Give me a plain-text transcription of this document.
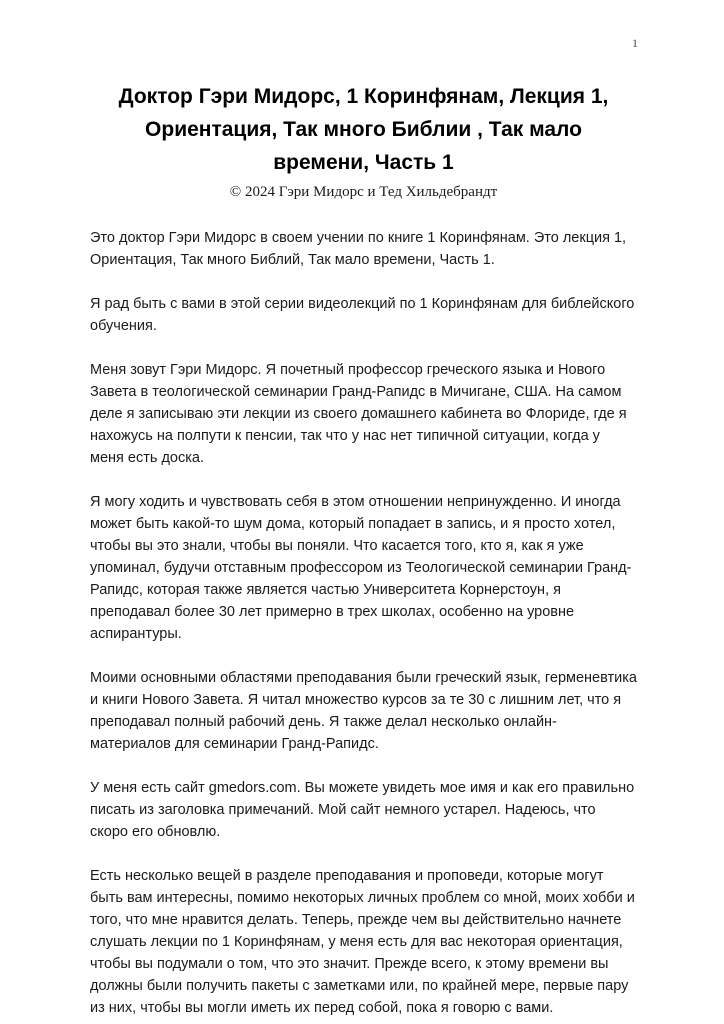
1
Доктор Гэри Мидорс, 1 Коринфянам, Лекция 1,
Ориентация, Так много Библии , Так мало
времени, Часть 1
© 2024 Гэри Мидорс и Тед Хильдебрандт

Это доктор Гэри Мидорс в своем учении по книге 1 Коринфянам. Это лекция 1, Ориентация, Так много Библий, Так мало времени, Часть 1.

Я рад быть с вами в этой серии видеолекций по 1 Коринфянам для библейского обучения.

Меня зовут Гэри Мидорс. Я почетный профессор греческого языка и Нового Завета в теологической семинарии Гранд-Рапидс в Мичигане, США. На самом деле я записываю эти лекции из своего домашнего кабинета во Флориде, где я нахожусь на полпути к пенсии, так что у нас нет типичной ситуации, когда у меня есть доска.

Я могу ходить и чувствовать себя в этом отношении непринужденно. И иногда может быть какой-то шум дома, который попадает в запись, и я просто хотел, чтобы вы это знали, чтобы вы поняли. Что касается того, кто я, как я уже упоминал, будучи отставным профессором из Теологической семинарии Гранд-Рапидс, которая также является частью Университета Корнерстоун, я преподавал более 30 лет примерно в трех школах, особенно на уровне аспирантуры.

Моими основными областями преподавания были греческий язык, герменевтика и книги Нового Завета. Я читал множество курсов за те 30 с лишним лет, что я преподавал полный рабочий день. Я также делал несколько онлайн-материалов для семинарии Гранд-Рапидс.

У меня есть сайт gmedors.com. Вы можете увидеть мое имя и как его правильно писать из заголовка примечаний. Мой сайт немного устарел. Надеюсь, что скоро его обновлю.

Есть несколько вещей в разделе преподавания и проповеди, которые могут быть вам интересны, помимо некоторых личных проблем со мной, моих хобби и того, что мне нравится делать. Теперь, прежде чем вы действительно начнете слушать лекции по 1 Коринфянам, у меня есть для вас некоторая ориентация, чтобы вы подумали о том, что это значит. Прежде всего, к этому времени вы должны были получить пакеты с заметками или, по крайней мере, первые пару из них, чтобы вы могли иметь их перед собой, пока я говорю с вами.
